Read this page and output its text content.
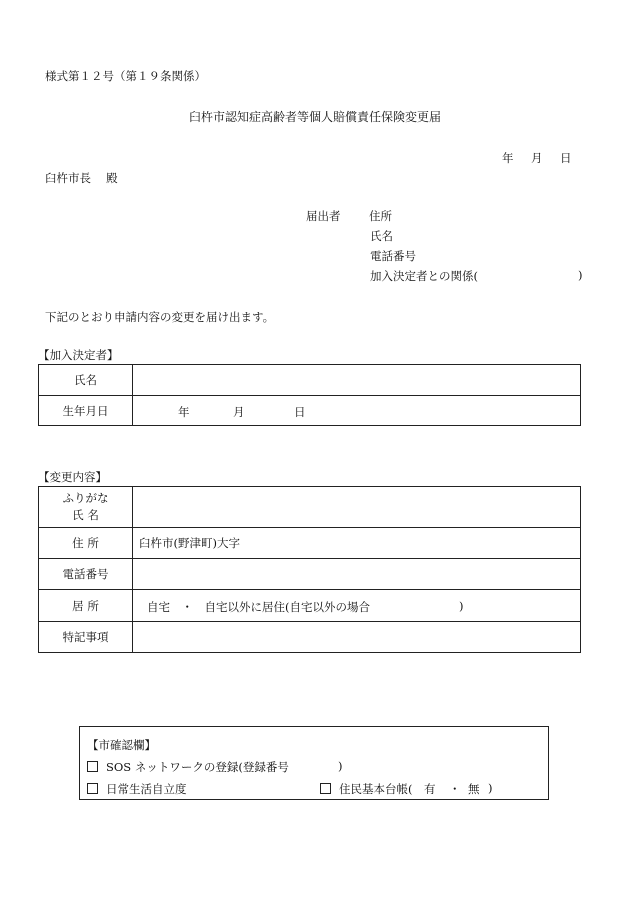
様式第１２号（第１９条関係）
臼杵市認知症高齢者等個人賠償責任保険変更届
年 月 日
臼杵市長　 殿
届出者 住所
氏名
電話番号
加入決定者との関係(	)
下記のとおり申請内容の変更を届け出ます。
【加入決定者】
氏名	
生年月日	年 月 日
【変更内容】
ふりがな
氏 名	

住 所	臼杵市(野津町)大字
電話番号	
居 所	自宅　・　自宅以外に居住(自宅以外の場合 )

特記事項	
【市確認欄】
SOS ネットワークの登録(登録番号	)
日常生活自立度	住民基本台帳( 有 ・ 無 )
